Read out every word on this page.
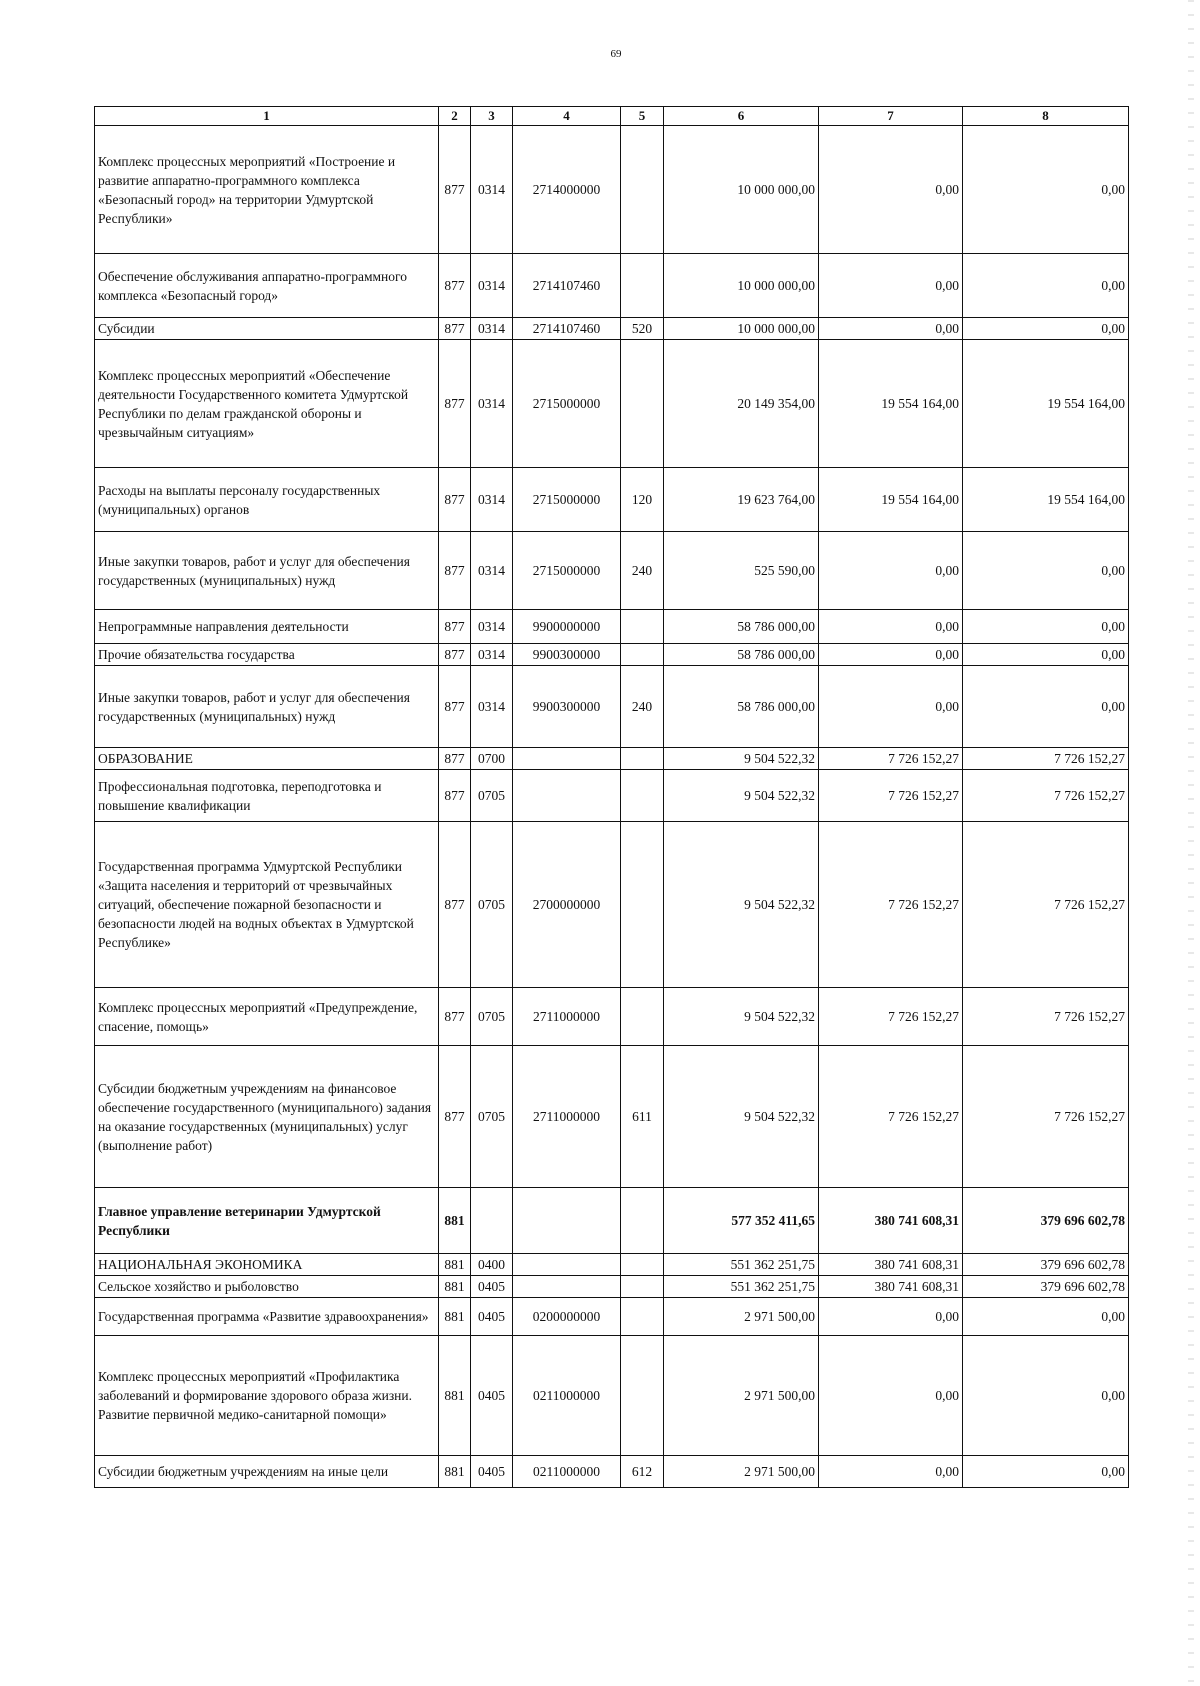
69
1	2	3	4	5	6	7	8
Комплекс процессных мероприятий «Построение и развитие аппаратно-программного комплекса «Безопасный город» на территории Удмуртской Республики»	877	0314	2714000000		10 000 000,00	0,00	0,00
Обеспечение обслуживания аппаратно-программного комплекса «Безопасный город»	877	0314	2714107460		10 000 000,00	0,00	0,00
Субсидии	877	0314	2714107460	520	10 000 000,00	0,00	0,00
Комплекс процессных мероприятий «Обеспечение деятельности Государственного комитета Удмуртской Республики по делам гражданской обороны и чрезвычайным ситуациям»	877	0314	2715000000		20 149 354,00	19 554 164,00	19 554 164,00
Расходы на выплаты персоналу государственных (муниципальных) органов	877	0314	2715000000	120	19 623 764,00	19 554 164,00	19 554 164,00
Иные закупки товаров, работ и услуг для обеспечения государственных (муниципальных) нужд	877	0314	2715000000	240	525 590,00	0,00	0,00
Непрограммные направления деятельности	877	0314	9900000000		58 786 000,00	0,00	0,00
Прочие обязательства государства	877	0314	9900300000		58 786 000,00	0,00	0,00
Иные закупки товаров, работ и услуг для обеспечения государственных (муниципальных) нужд	877	0314	9900300000	240	58 786 000,00	0,00	0,00
ОБРАЗОВАНИЕ	877	0700			9 504 522,32	7 726 152,27	7 726 152,27
Профессиональная подготовка, переподготовка и повышение квалификации	877	0705			9 504 522,32	7 726 152,27	7 726 152,27
Государственная программа Удмуртской Республики «Защита населения и территорий от чрезвычайных ситуаций, обеспечение пожарной безопасности и безопасности людей на водных объектах в Удмуртской Республике»	877	0705	2700000000		9 504 522,32	7 726 152,27	7 726 152,27
Комплекс процессных мероприятий «Предупреждение, спасение, помощь»	877	0705	2711000000		9 504 522,32	7 726 152,27	7 726 152,27
Субсидии бюджетным учреждениям на финансовое обеспечение государственного (муниципального) задания на оказание государственных (муниципальных) услуг (выполнение работ)	877	0705	2711000000	611	9 504 522,32	7 726 152,27	7 726 152,27
Главное управление ветеринарии Удмуртской Республики	881				577 352 411,65	380 741 608,31	379 696 602,78
НАЦИОНАЛЬНАЯ ЭКОНОМИКА	881	0400			551 362 251,75	380 741 608,31	379 696 602,78
Сельское хозяйство и рыболовство	881	0405			551 362 251,75	380 741 608,31	379 696 602,78
Государственная программа «Развитие здравоохранения»	881	0405	0200000000		2 971 500,00	0,00	0,00
Комплекс процессных мероприятий «Профилактика заболеваний и формирование здорового образа жизни. Развитие первичной медико-санитарной помощи»	881	0405	0211000000		2 971 500,00	0,00	0,00
Субсидии бюджетным учреждениям на иные цели	881	0405	0211000000	612	2 971 500,00	0,00	0,00
